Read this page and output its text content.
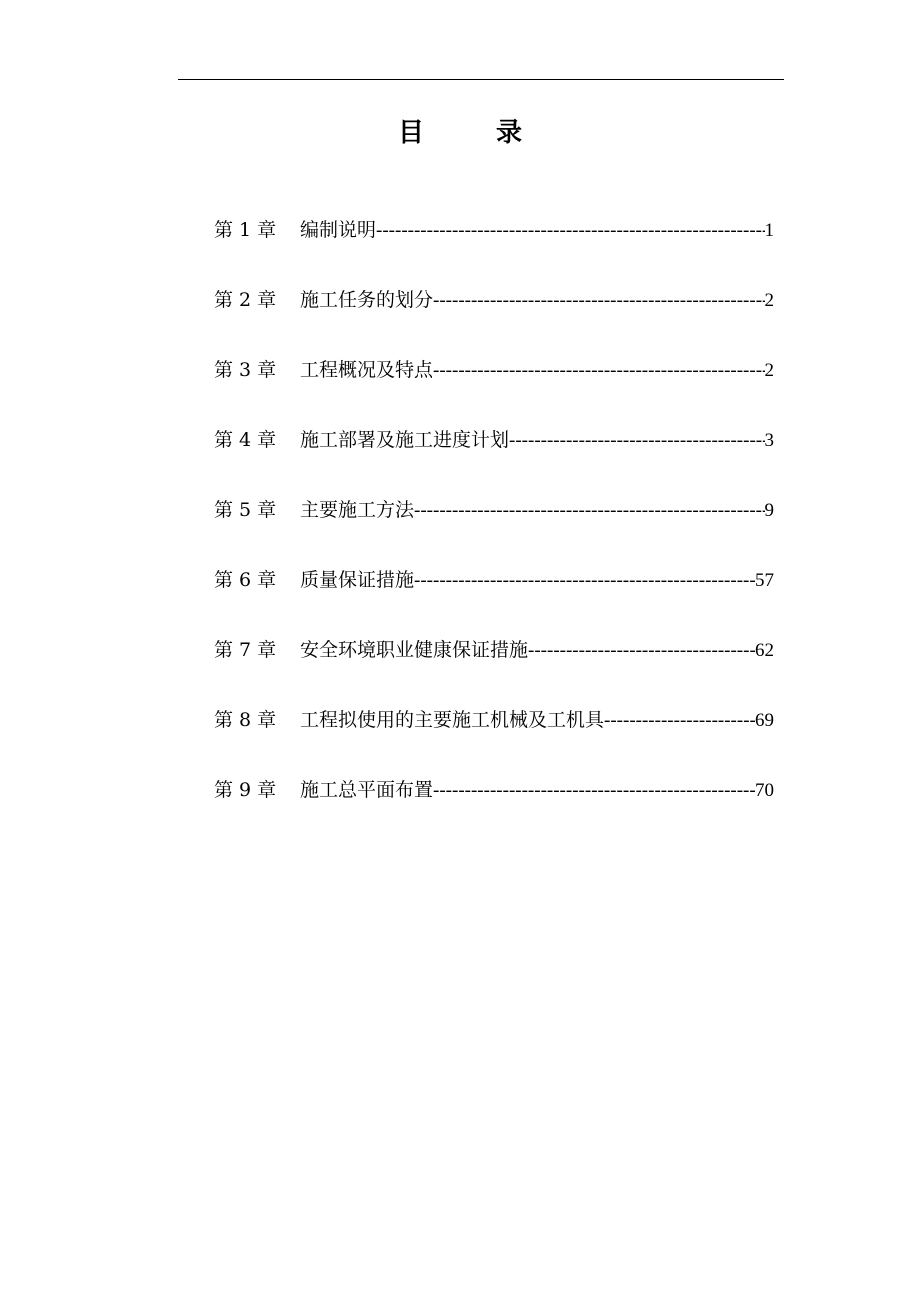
目	录
第 1 章	编制说明 -----	1
第 2 章	施工任务的划分 -----	2
第 3 章	工程概况及特点 -----	2
第 4 章	施工部署及施工进度计划 -----	3
第 5 章	主要施工方法 -----	9
第 6 章	质量保证措施 -----	57
第 7 章	安全环境职业健康保证措施 -----	62
第 8 章	工程拟使用的主要施工机械及工机具 -----	69
第 9 章	施工总平面布置 -----	70
